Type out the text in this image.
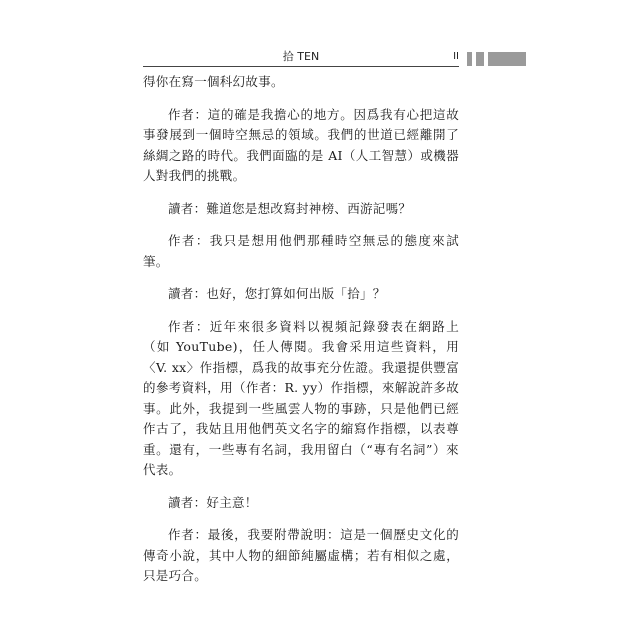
拾 TEN	II

得你在寫一個科幻故事。

作者：這的確是我擔心的地方。因爲我有心把這故事發展到一個時空無忌的領域。我們的世道已經離開了絲綢之路的時代。我們面臨的是 AI（人工智慧）或機器人對我們的挑戰。

讀者：難道您是想改寫封神榜、西游記嗎？

作者：我只是想用他們那種時空無忌的態度來試筆。

讀者：也好，您打算如何出版「拾」？

作者：近年來很多資料以視頻記錄發表在網路上（如 YouTube)，任人傳閱。我會采用這些資料，用〈V. xx〉作指標，爲我的故事充分佐證。我還提供豐富的參考資料，用（作者：R. yy）作指標，來解說許多故事。此外，我提到一些風雲人物的事跡，只是他們已經作古了，我姑且用他們英文名字的縮寫作指標，以表尊重。還有，一些專有名詞，我用留白（“專有名詞”）來代表。

讀者：好主意！

作者：最後，我要附帶說明：這是一個歷史文化的傳奇小說，其中人物的細節純屬虛構；若有相似之處，只是巧合。
